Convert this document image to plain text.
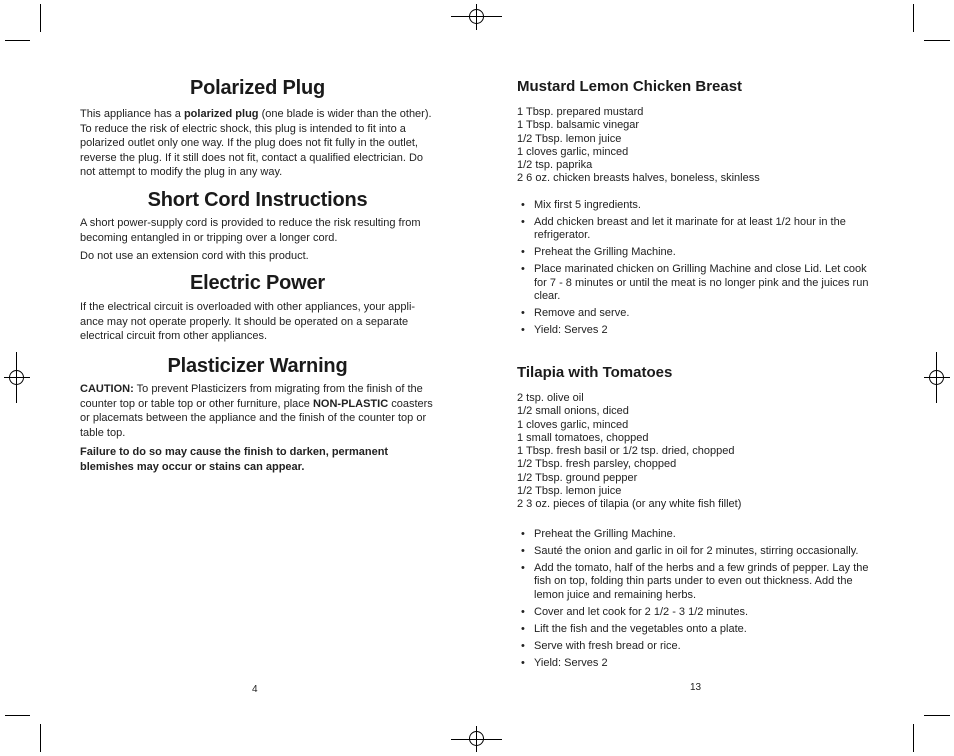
Polarized Plug

This appliance has a polarized plug (one blade is wider than the other). To reduce the risk of electric shock, this plug is intended to fit into a polarized outlet only one way. If the plug does not fit fully in the outlet, reverse the plug. If it still does not fit, contact a qualified electrician. Do not attempt to modify the plug in any way.

Short Cord Instructions

A short power-supply cord is provided to reduce the risk resulting from becoming entangled in or tripping over a longer cord.

Do not use an extension cord with this product.

Electric Power

If the electrical circuit is overloaded with other appliances, your appli-ance may not operate properly. It should be operated on a separate electrical circuit from other appliances.

Plasticizer Warning

CAUTION: To prevent Plasticizers from migrating from the finish of the counter top or table top or other furniture, place NON-PLASTIC coasters or placemats between the appliance and the finish of the counter top or table top.

Failure to do so may cause the finish to darken, permanent blemishes may occur or stains can appear.

4
Mustard Lemon Chicken Breast
1 Tbsp. prepared mustard
1 Tbsp. balsamic vinegar
1/2 Tbsp. lemon juice
1 cloves garlic, minced
1/2 tsp. paprika
2 6 oz. chicken breasts halves, boneless, skinless
• Mix first 5 ingredients.
• Add chicken breast and let it marinate for at least 1/2 hour in the refrigerator.
• Preheat the Grilling Machine.
• Place marinated chicken on Grilling Machine and close Lid. Let cook for 7 - 8 minutes or until the meat is no longer pink and the juices run clear.
• Remove and serve.
• Yield: Serves 2
Tilapia with Tomatoes
2 tsp. olive oil
1/2 small onions, diced
1 cloves garlic, minced
1 small tomatoes, chopped
1 Tbsp. fresh basil or 1/2 tsp. dried, chopped
1/2 Tbsp. fresh parsley, chopped
1/2 Tbsp. ground pepper
1/2 Tbsp. lemon juice
2 3 oz. pieces of tilapia (or any white fish fillet)
• Preheat the Grilling Machine.
• Sauté the onion and garlic in oil for 2 minutes, stirring occasionally.
• Add the tomato, half of the herbs and a few grinds of pepper. Lay the fish on top, folding thin parts under to even out thickness. Add the lemon juice and remaining herbs.
• Cover and let cook for 2 1/2 - 3 1/2 minutes.
• Lift the fish and the vegetables onto a plate.
• Serve with fresh bread or rice.
• Yield: Serves 2
13
